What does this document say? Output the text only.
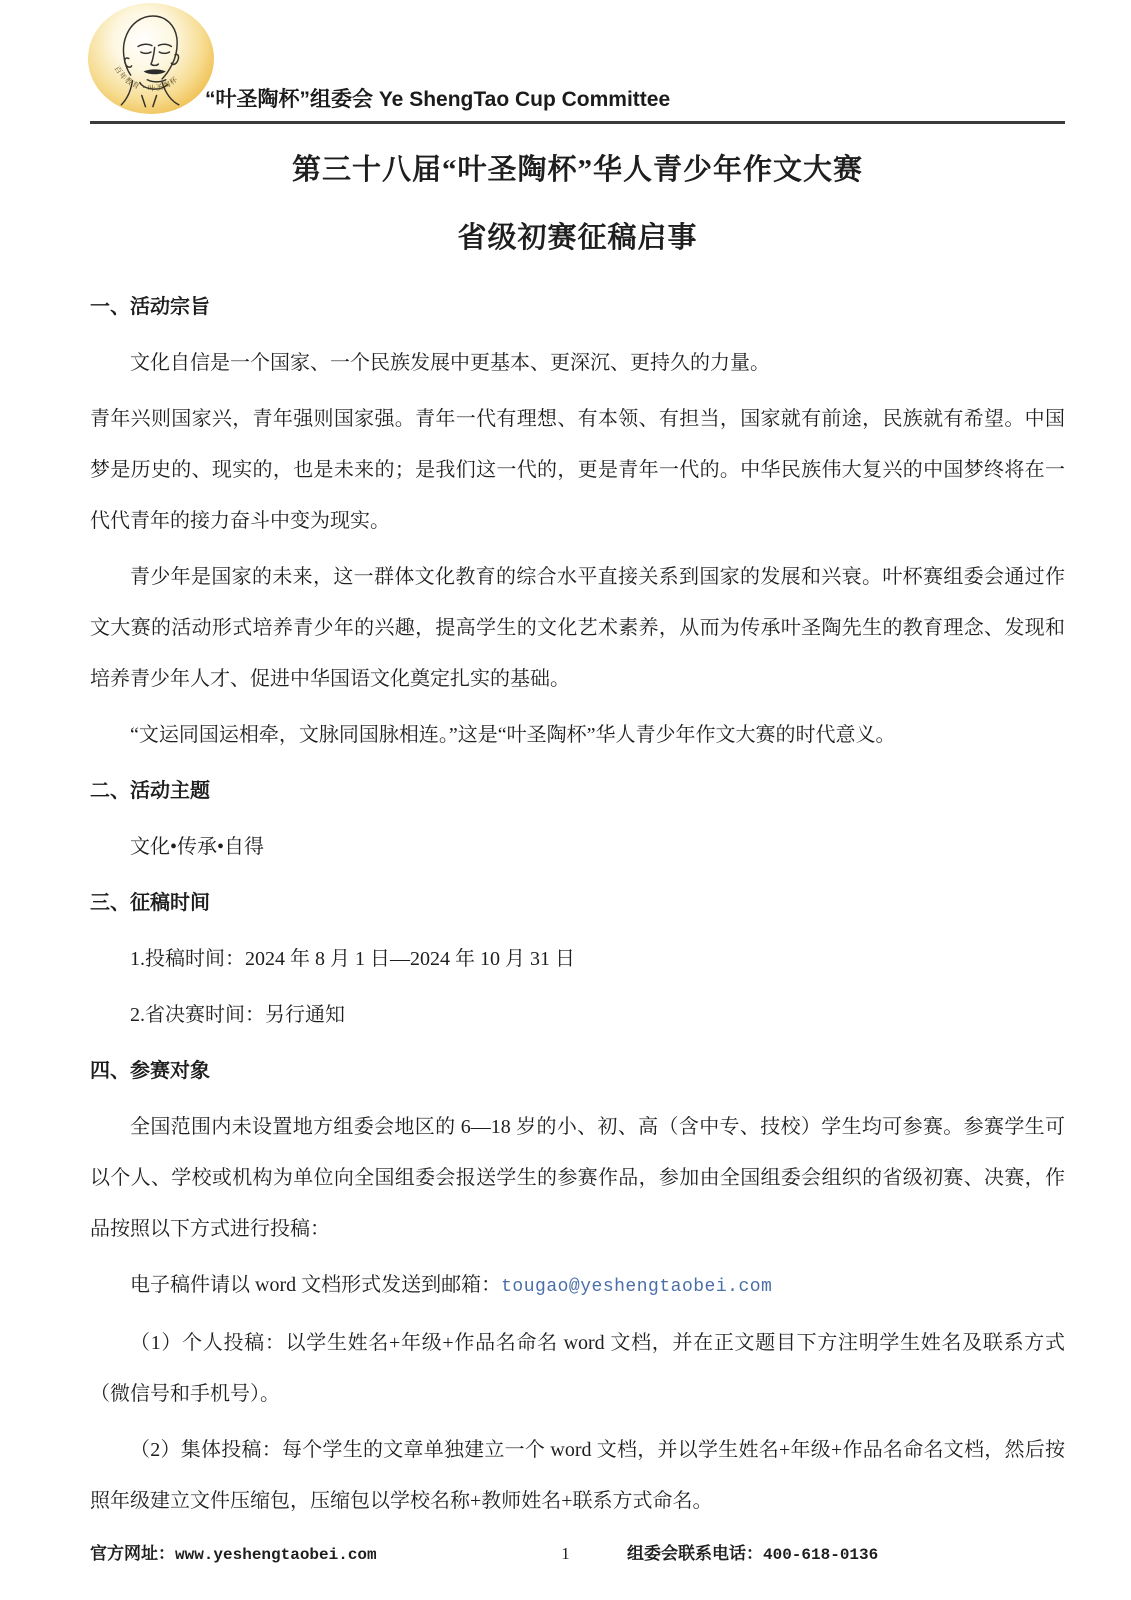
百年教育 · 叶圣陶杯
“叶圣陶杯”组委会 Ye ShengTao Cup Committee
第三十八届“叶圣陶杯”华人青少年作文大赛
省级初赛征稿启事
一、活动宗旨

文化自信是一个国家、一个民族发展中更基本、更深沉、更持久的力量。

青年兴则国家兴，青年强则国家强。青年一代有理想、有本领、有担当，国家就有前途，民族就有希望。中国梦是历史的、现实的，也是未来的；是我们这一代的，更是青年一代的。中华民族伟大复兴的中国梦终将在一代代青年的接力奋斗中变为现实。

青少年是国家的未来，这一群体文化教育的综合水平直接关系到国家的发展和兴衰。叶杯赛组委会通过作文大赛的活动形式培养青少年的兴趣，提高学生的文化艺术素养，从而为传承叶圣陶先生的教育理念、发现和培养青少年人才、促进中华国语文化奠定扎实的基础。

“文运同国运相牵，文脉同国脉相连。”这是“叶圣陶杯”华人青少年作文大赛的时代意义。

二、活动主题

文化•传承•自得

三、征稿时间

1.投稿时间：2024 年 8 月 1 日—2024 年 10 月 31 日

2.省决赛时间：另行通知

四、参赛对象

全国范围内未设置地方组委会地区的 6—18 岁的小、初、高（含中专、技校）学生均可参赛。参赛学生可以个人、学校或机构为单位向全国组委会报送学生的参赛作品，参加由全国组委会组织的省级初赛、决赛，作品按照以下方式进行投稿：

电子稿件请以 word 文档形式发送到邮箱：tougao@yeshengtaobei.com

（1）个人投稿：以学生姓名+年级+作品名命名 word 文档，并在正文题目下方注明学生姓名及联系方式（微信号和手机号）。

（2）集体投稿：每个学生的文章单独建立一个 word 文档，并以学生姓名+年级+作品名命名文档，然后按照年级建立文件压缩包，压缩包以学校名称+教师姓名+联系方式命名。

官方网址：www.yeshengtaobei.com	1	组委会联系电话：400-618-0136
